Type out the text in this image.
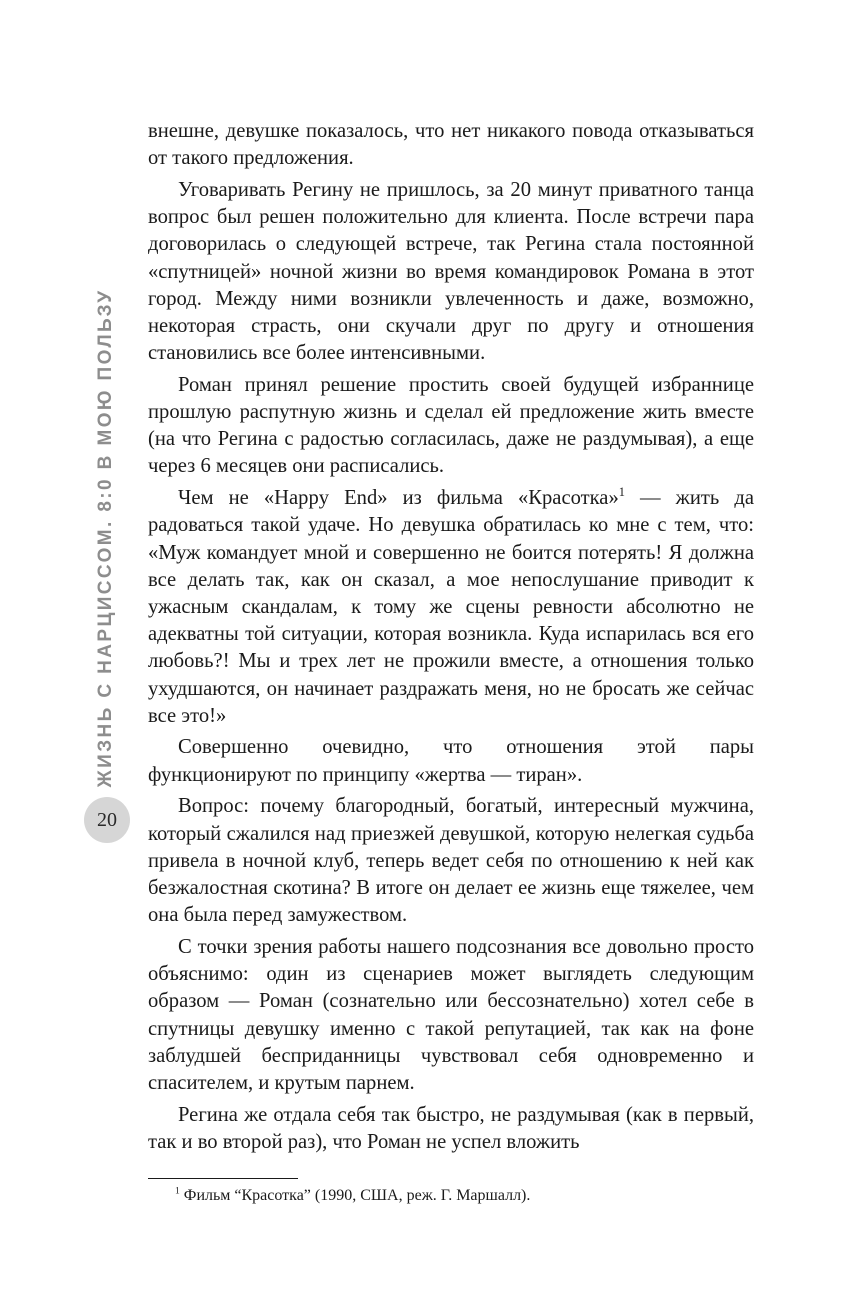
ЖИЗНЬ С НАРЦИССОМ. 8:0 В МОЮ ПОЛЬЗУ
20

внешне, девушке показалось, что нет никакого повода отказываться от такого предложения.

Уговаривать Регину не пришлось, за 20 минут приватного танца вопрос был решен положительно для клиента. После встречи пара договорилась о следующей встрече, так Регина стала постоянной «спутницей» ночной жизни во время командировок Романа в этот город. Между ними возникли увлеченность и даже, возможно, некоторая страсть, они скучали друг по другу и отношения становились все более интенсивными.

Роман принял решение простить своей будущей избраннице прошлую распутную жизнь и сделал ей предложение жить вместе (на что Регина с радостью согласилась, даже не раздумывая), а еще через 6 месяцев они расписались.

Чем не «Happy End» из фильма «Красотка»$^1$ — жить да радоваться такой удаче. Но девушка обратилась ко мне с тем, что: «Муж командует мной и совершенно не боится потерять! Я должна все делать так, как он сказал, а мое непослушание приводит к ужасным скандалам, к тому же сцены ревности абсолютно не адекватны той ситуации, которая возникла. Куда испарилась вся его любовь?! Мы и трех лет не прожили вместе, а отношения только ухудшаются, он начинает раздражать меня, но не бросать же сейчас все это!»

Совершенно очевидно, что отношения этой пары функционируют по принципу «жертва — тиран».

Вопрос: почему благородный, богатый, интересный мужчина, который сжалился над приезжей девушкой, которую нелегкая судьба привела в ночной клуб, теперь ведет себя по отношению к ней как безжалостная скотина? В итоге он делает ее жизнь еще тяжелее, чем она была перед замужеством.

С точки зрения работы нашего подсознания все довольно просто объяснимо: один из сценариев может выглядеть следующим образом — Роман (сознательно или бессознательно) хотел себе в спутницы девушку именно с такой репутацией, так как на фоне заблудшей бесприданницы чувствовал себя одновременно и спасителем, и крутым парнем.

Регина же отдала себя так быстро, не раздумывая (как в первый, так и во второй раз), что Роман не успел вложить

$^1$ Фильм “Красотка” (1990, США, реж. Г. Маршалл).
